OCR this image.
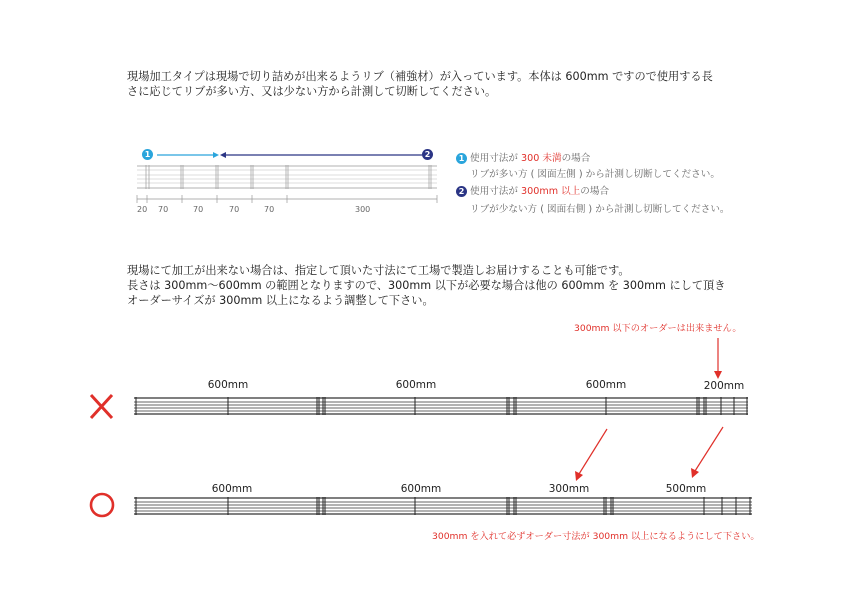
現場加工タイプは現場で切り詰めが出来るようリブ（補強材）が入っています。本体は 600mm ですので使用する長
さに応じてリブが多い方、又は少ない方から計測して切断してください。
1	2
20 70	70	70	70	300
1 使用寸法が 300 未満の場合
リブが多い方 ( 図面左側 ) から計測し切断してください。
2 使用寸法が 300mm 以上の場合
リブが少ない方 ( 図面右側 ) から計測し切断してください。
現場にて加工が出来ない場合は、指定して頂いた寸法にて工場で製造しお届けすることも可能です。
長さは 300mm～600mm の範囲となりますので、300mm 以下が必要な場合は他の 600mm を 300mm にして頂き
オーダーサイズが 300mm 以上になるよう調整して下さい。
300mm 以下のオーダーは出来ません。
600mm	600mm	600mm	200mm
600mm	600mm	300mm	500mm
300mm を入れて必ずオーダー寸法が 300mm 以上になるようにして下さい。
